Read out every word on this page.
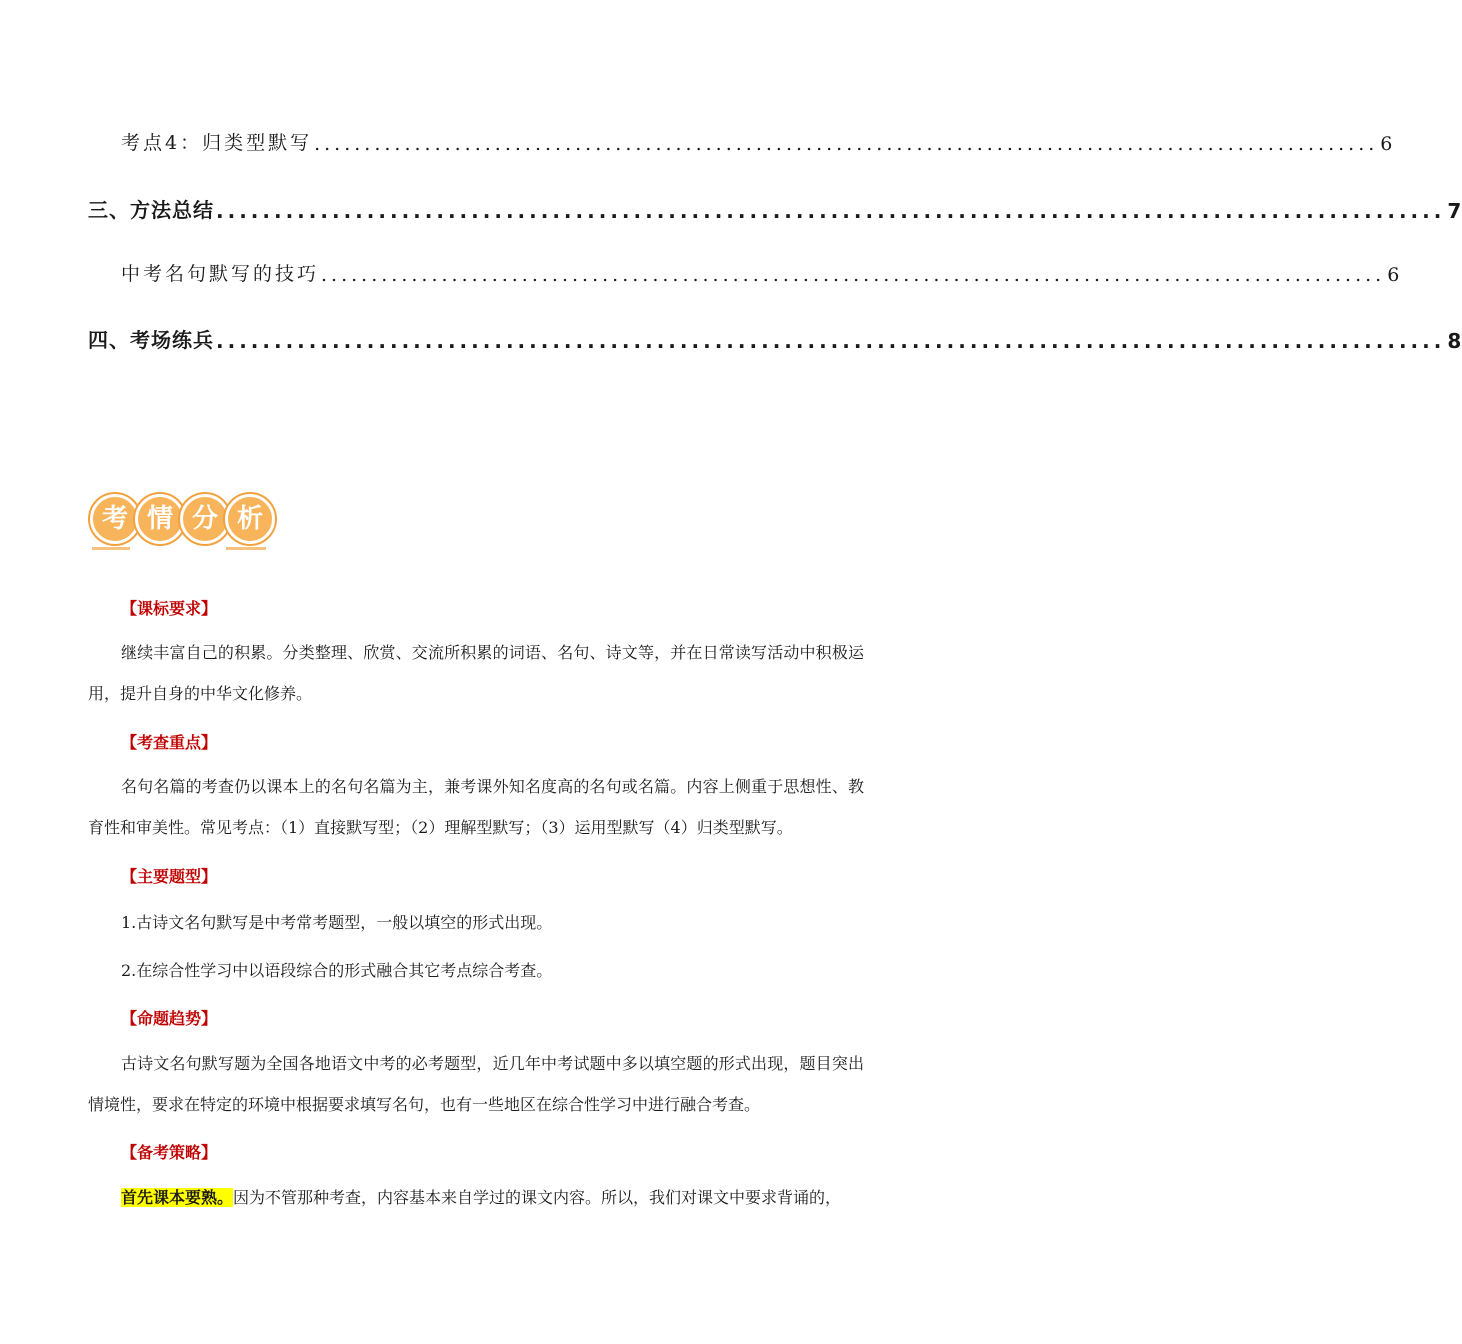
考点4：归类型默写 .......................................................................................................... 6
三、方法总结 .......................................................................................................... 7
中考名句默写的技巧 .......................................................................................................... 6
四、考场练兵 .......................................................................................................... 8
考 情 分 析
【课标要求】
继续丰富自己的积累。分类整理、欣赏、交流所积累的词语、名句、诗文等，并在日常读写活动中积极运用，提升自身的中华文化修养。
【考查重点】
名句名篇的考查仍以课本上的名句名篇为主，兼考课外知名度高的名句或名篇。内容上侧重于思想性、教育性和审美性。常见考点：（1）直接默写型；（2）理解型默写；（3）运用型默写（4）归类型默写。
【主要题型】
1.古诗文名句默写是中考常考题型，一般以填空的形式出现。
2.在综合性学习中以语段综合的形式融合其它考点综合考查。
【命题趋势】
古诗文名句默写题为全国各地语文中考的必考题型，近几年中考试题中多以填空题的形式出现，题目突出情境性，要求在特定的环境中根据要求填写名句，也有一些地区在综合性学习中进行融合考查。
【备考策略】
首先课本要熟。因为不管那种考查，内容基本来自学过的课文内容。所以，我们对课文中要求背诵的，
